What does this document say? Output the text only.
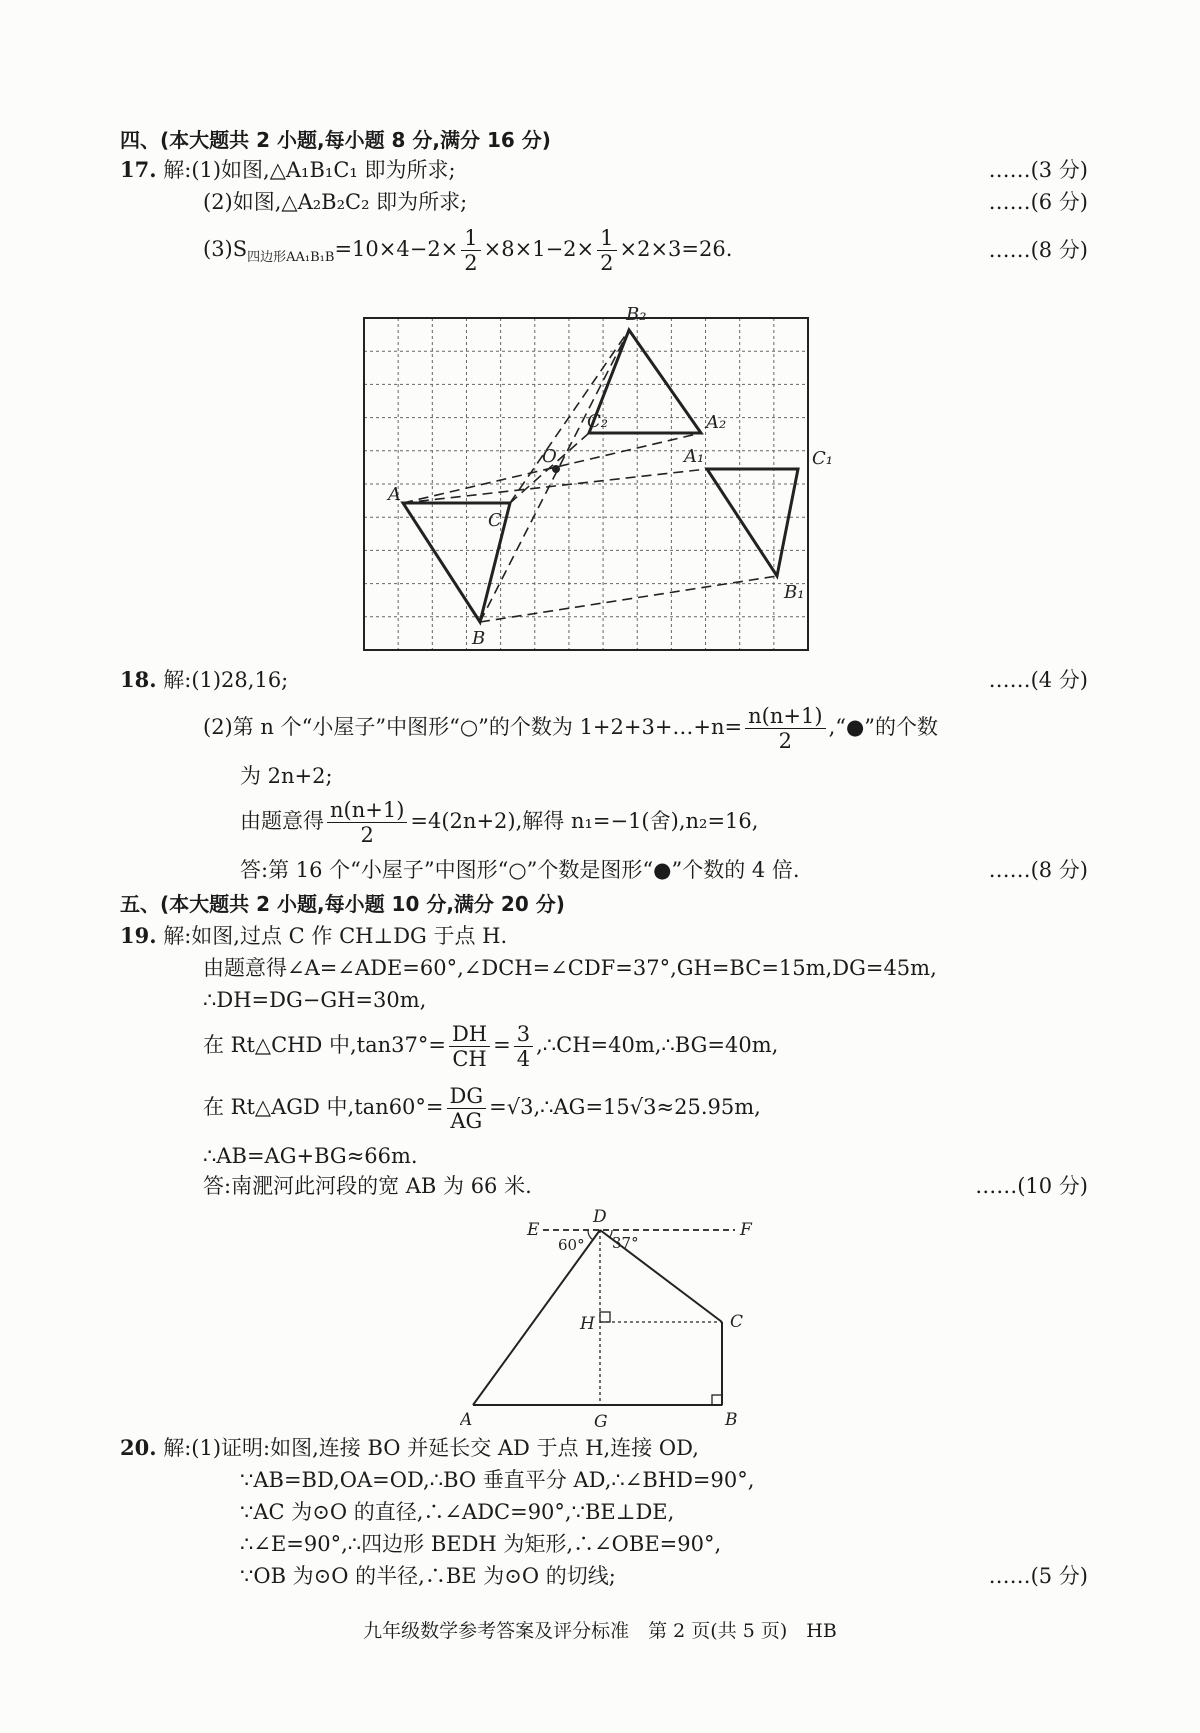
四、(本大题共 2 小题,每小题 8 分,满分 16 分)
17. 解:(1)如图,△A₁B₁C₁ 即为所求;	……(3 分)
(2)如图,△A₂B₂C₂ 即为所求;	……(6 分)
$(3)S_{四边形AA_1B_1B}=10\times 4-2\times \frac{1}{2} \times 8\times 1-2\times \frac{1}{2} \times 2\times 3=26$.	……(8 分)
A
B
C
O	A₁
B₁
C₁
A₂
B₂
C₂
18. 解:(1)28,16;	……(4 分)
(2)第 n 个“小屋子”中图形“○”的个数为 1+2+3+…+n= $\frac{n(n+1)}{2}$ ,“●”的个数
为 2n+2;
由题意得 $\frac{n(n+1)}{2} =4(2n+2)$,解得 n₁=−1(舍),n₂=16,
答:第 16 个“小屋子”中图形“○”个数是图形“●”个数的 4 倍.	……(8 分)
五、(本大题共 2 小题,每小题 10 分,满分 20 分)
19. 解:如图,过点 C 作 CH⊥DG 于点 H.
由题意得∠A=∠ADE=60°,∠DCH=∠CDF=37°,GH=BC=15m,DG=45m,
∴DH=DG−GH=30m,
在 Rt△CHD 中$,\tan 37^\circ= \frac{DH}{CH} = \frac{3}{4}$ ,∴CH=40m,∴BG=40m,
在 Rt△AGD 中$,\tan 60^\circ= \frac{DG}{AG}$ =√3,∴AG=15√3≈25.95m,
∴AB=AG+BG≈66m.
答:南淝河此河段的宽 AB 为 66 米.	……(10 分)
E
D
F
H	C
A	G	B
60° 37°
20. 解:(1)证明:如图,连接 BO 并延长交 AD 于点 H,连接 OD,
∵AB=BD,OA=OD,∴BO 垂直平分 AD,∴∠BHD=90°,
∵AC 为⊙O 的直径,∴∠ADC=90°,∵BE⊥DE,
∴∠E=90°,∴四边形 BEDH 为矩形,∴∠OBE=90°,
∵OB 为⊙O 的半径,∴BE 为⊙O 的切线;	……(5 分)
九年级数学参考答案及评分标准　第 2 页(共 5 页)　HB
